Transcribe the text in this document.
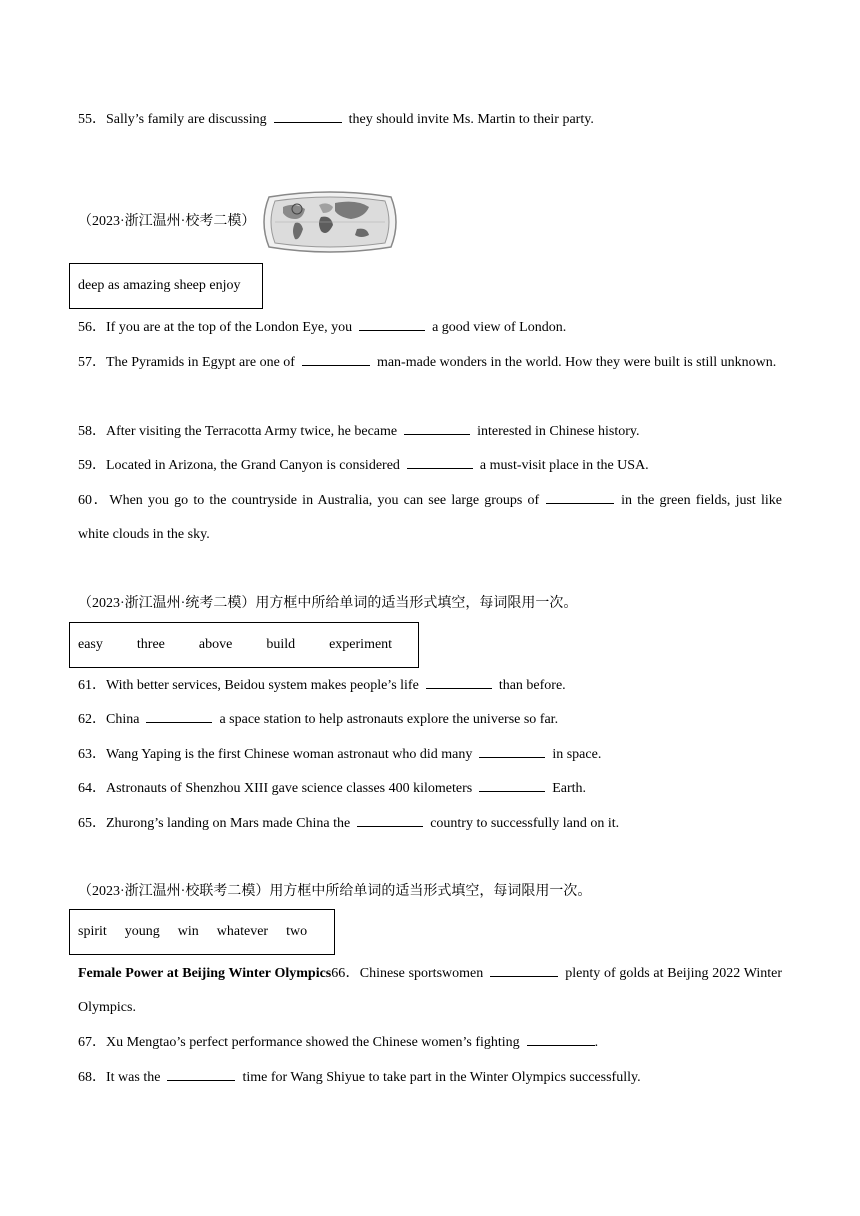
55．Sally’s family are discussing	they should invite Ms. Martin to their party.
（2023·浙江温州·校考二模）
deep as amazing sheep enjoy
56．If you are at the top of the London Eye, you	a good view of London.
57．The Pyramids in Egypt are one of	man-made wonders in the world. How they were built is still unknown.
58．After visiting the Terracotta Army twice, he became	interested in Chinese history.
59．Located in Arizona, the Grand Canyon is considered	a must-visit place in the USA.
60．When you go to the countryside in Australia, you can see large groups of	in the green fields, just like white clouds in the sky.
（2023·浙江温州·统考二模）用方框中所给单词的适当形式填空，每词限用一次。
easy three above build experiment
61．With better services, Beidou system makes people’s life	than before.
62．China	a space station to help astronauts explore the universe so far.
63．Wang Yaping is the first Chinese woman astronaut who did many	in space.
64．Astronauts of Shenzhou XIII gave science classes 400 kilometers	Earth.
65．Zhurong’s landing on Mars made China the	country to successfully land on it.
（2023·浙江温州·校联考二模）用方框中所给单词的适当形式填空，每词限用一次。
spirit young win whatever two
Female Power at Beijing Winter Olympics66．Chinese sportswomen	plenty of golds at Beijing 2022 Winter Olympics.
67．Xu Mengtao’s perfect performance showed the Chinese women’s fighting	.
68．It was the	time for Wang Shiyue to take part in the Winter Olympics successfully.
